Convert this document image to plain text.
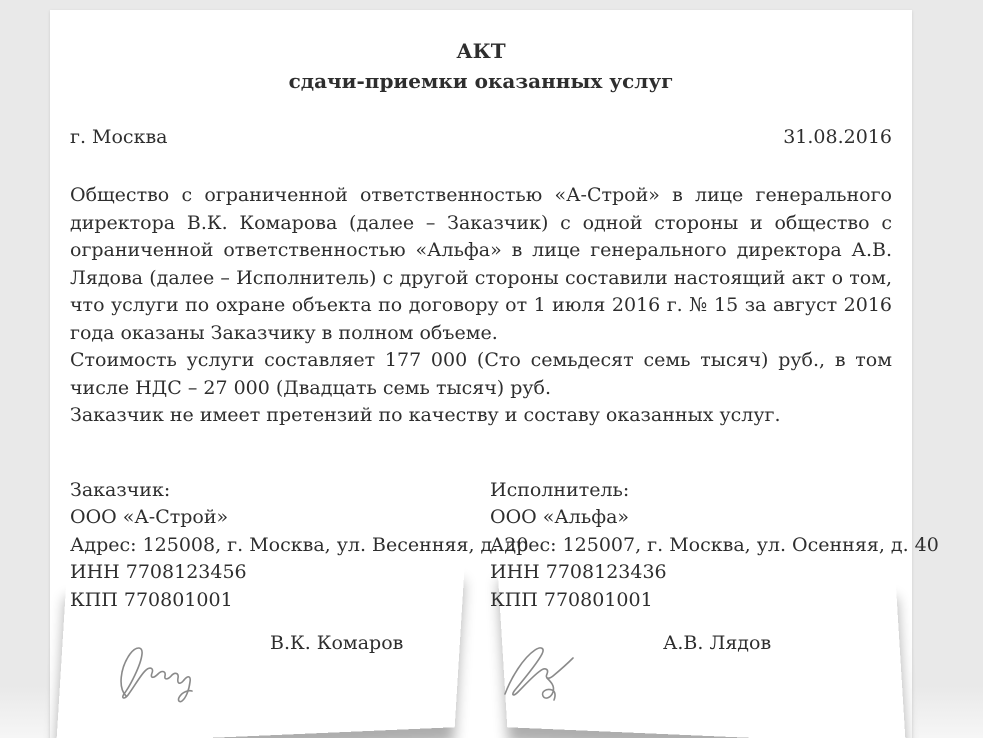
АКТ
сдачи-приемки оказанных услуг
г. Москва	31.08.2016

Общество с ограниченной ответственностью «А-Строй» в лице генерального директора В.К. Комарова (далее – Заказчик) с одной стороны и общество с ограниченной ответственностью «Альфа» в лице генерального директора А.В. Лядова (далее – Исполнитель) с другой стороны составили настоящий акт о том, что услуги по охране объекта по договору от 1 июля 2016 г. № 15 за август 2016 года оказаны Заказчику в полном объеме.

Стоимость услуги составляет 177 000 (Сто семьдесят семь тысяч) руб., в том числе НДС – 27 000 (Двадцать семь тысяч) руб.

Заказчик не имеет претензий по качеству и составу оказанных услуг.

Заказчик:

ООО «А-Строй»

Адрес: 125008, г. Москва, ул. Весенняя, д. 20

ИНН 7708123456

КПП 770801001

Исполнитель:

ООО «Альфа»

Адрес: 125007, г. Москва, ул. Осенняя, д. 40

ИНН 7708123436

КПП 770801001

В.К. Комаров	А.В. Лядов
